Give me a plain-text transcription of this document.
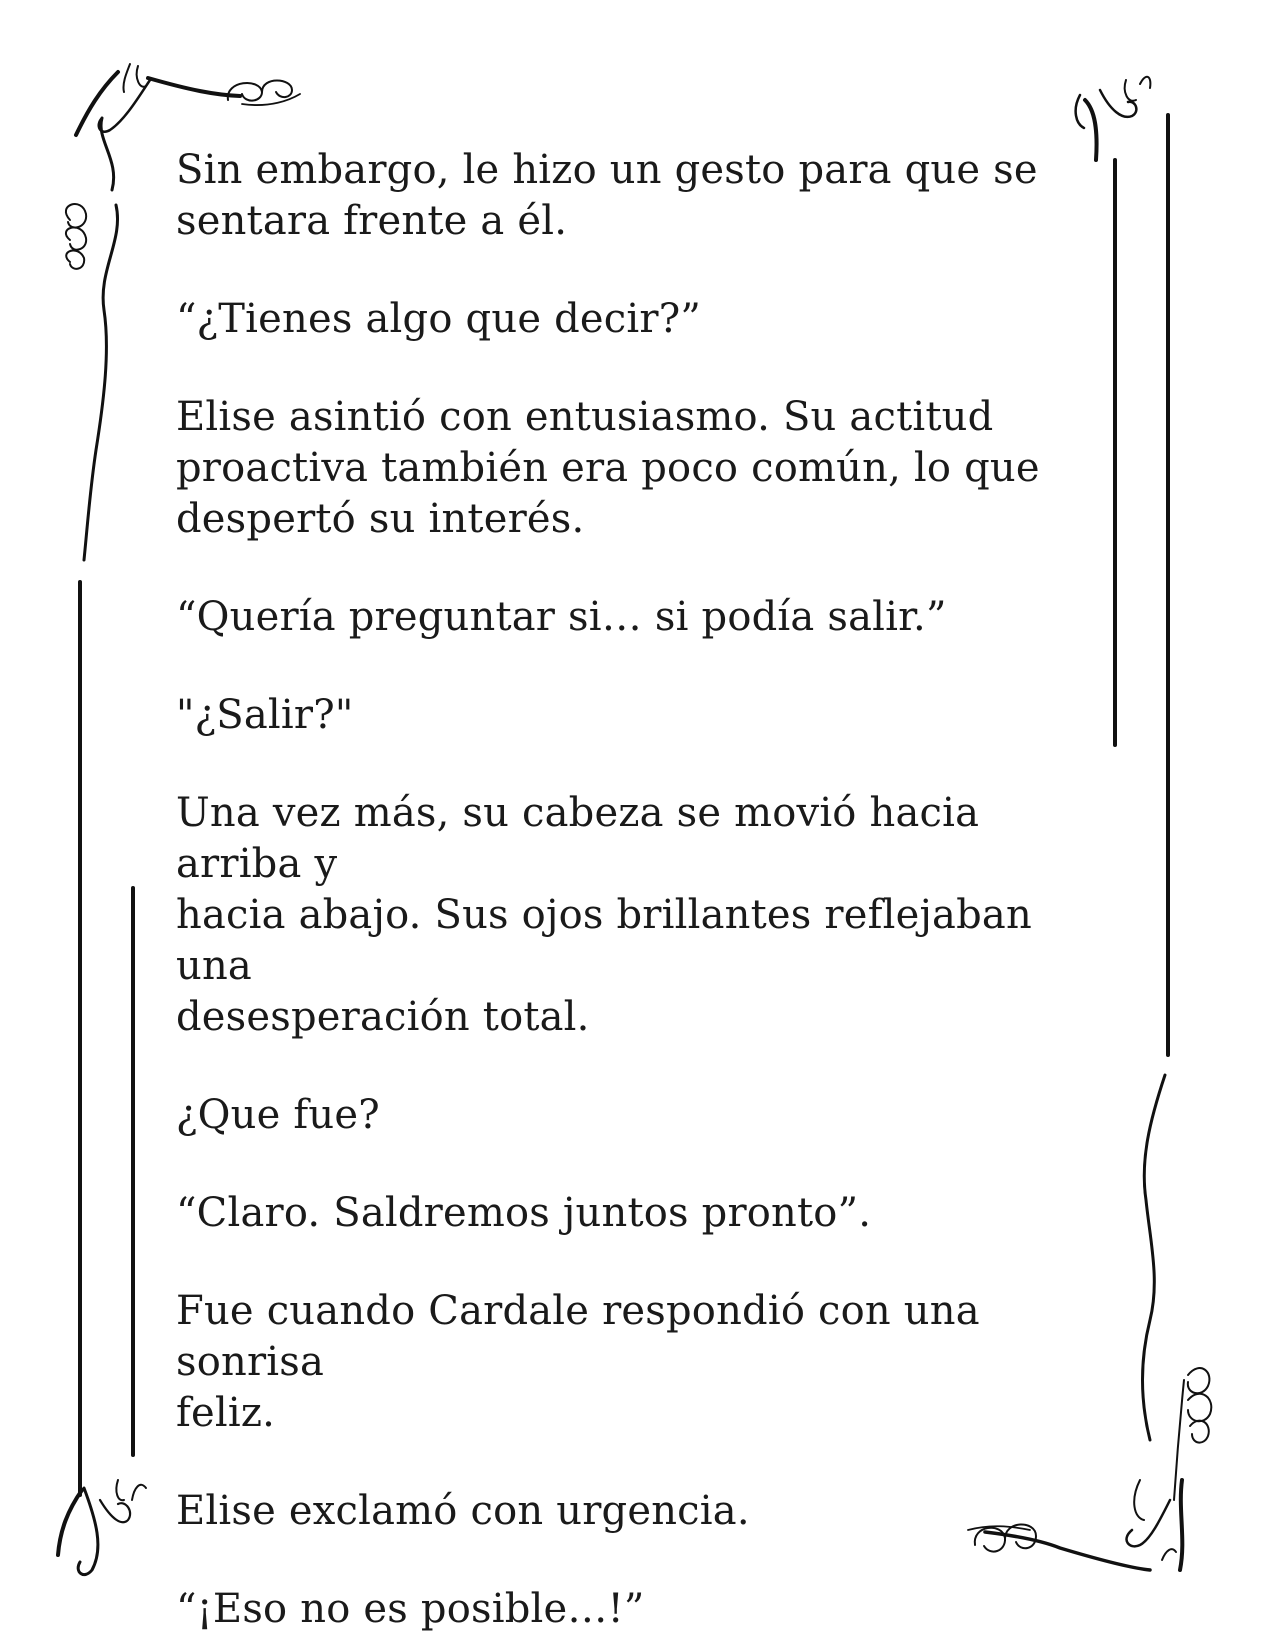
Sin embargo, le hizo un gesto para que se
sentara frente a él.

“¿Tienes algo que decir?”

Elise asintió con entusiasmo. Su actitud
proactiva también era poco común, lo que
despertó su interés.

“Quería preguntar si… si podía salir.”

"¿Salir?"

Una vez más, su cabeza se movió hacia arriba y
hacia abajo. Sus ojos brillantes reflejaban una
desesperación total.

¿Que fue?

“Claro. Saldremos juntos pronto”.

Fue cuando Cardale respondió con una sonrisa
feliz.

Elise exclamó con urgencia.

“¡Eso no es posible…!”
